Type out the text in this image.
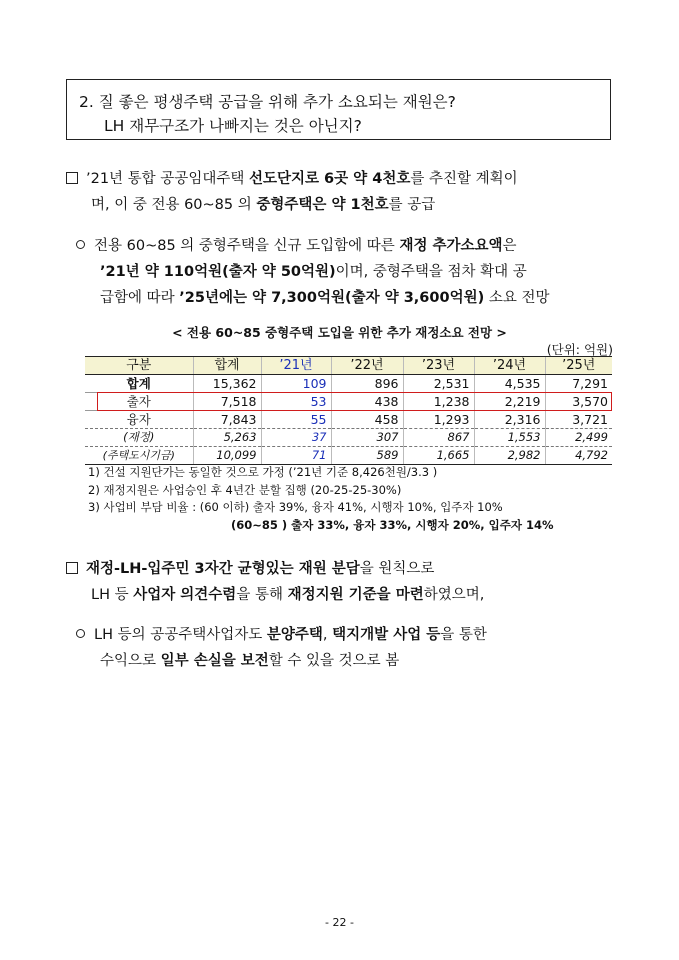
2. 질 좋은 평생주택 공급을 위해 추가 소요되는 재원은?
LH 재무구조가 나빠지는 것은 아닌지?
’21년 통합 공공임대주택 선도단지로 6곳 약 4천호를 추진할 계획이
며, 이 중 전용 60~85 의 중형주택은 약 1천호를 공급
전용 60~85 의 중형주택을 신규 도입함에 따른 재정 추가소요액은
’21년 약 110억원(출자 약 50억원)이며, 중형주택을 점차 확대 공
급함에 따라 ’25년에는 약 7,300억원(출자 약 3,600억원) 소요 전망
< 전용 60~85 중형주택 도입을 위한 추가 재정소요 전망 >
(단위: 억원)
구분	합계	’21년	’22년	’23년	’24년	’25년
합계	15,362	109	896	2,531	4,535	7,291
출자	7,518	53	438	1,238	2,219	3,570
융자	7,843	55	458	1,293	2,316	3,721
(재정)	5,263	37	307	867	1,553	2,499
(주택도시기금)	10,099	71	589	1,665	2,982	4,792
1) 건설 지원단가는 동일한 것으로 가정 (’21년 기준 8,426천원/3.3 )
2) 재정지원은 사업승인 후 4년간 분할 집행 (20-25-25-30%)
3) 사업비 부담 비율 : (60 이하) 출자 39%, 융자 41%, 시행자 10%, 입주자 10%
(60~85 ) 출자 33%, 융자 33%, 시행자 20%, 입주자 14%
재정-LH-입주민 3자간 균형있는 재원 분담을 원칙으로
LH 등 사업자 의견수렴을 통해 재정지원 기준을 마련하였으며,
LH 등의 공공주택사업자도 분양주택, 택지개발 사업 등을 통한
수익으로 일부 손실을 보전할 수 있을 것으로 봄
- 22 -
